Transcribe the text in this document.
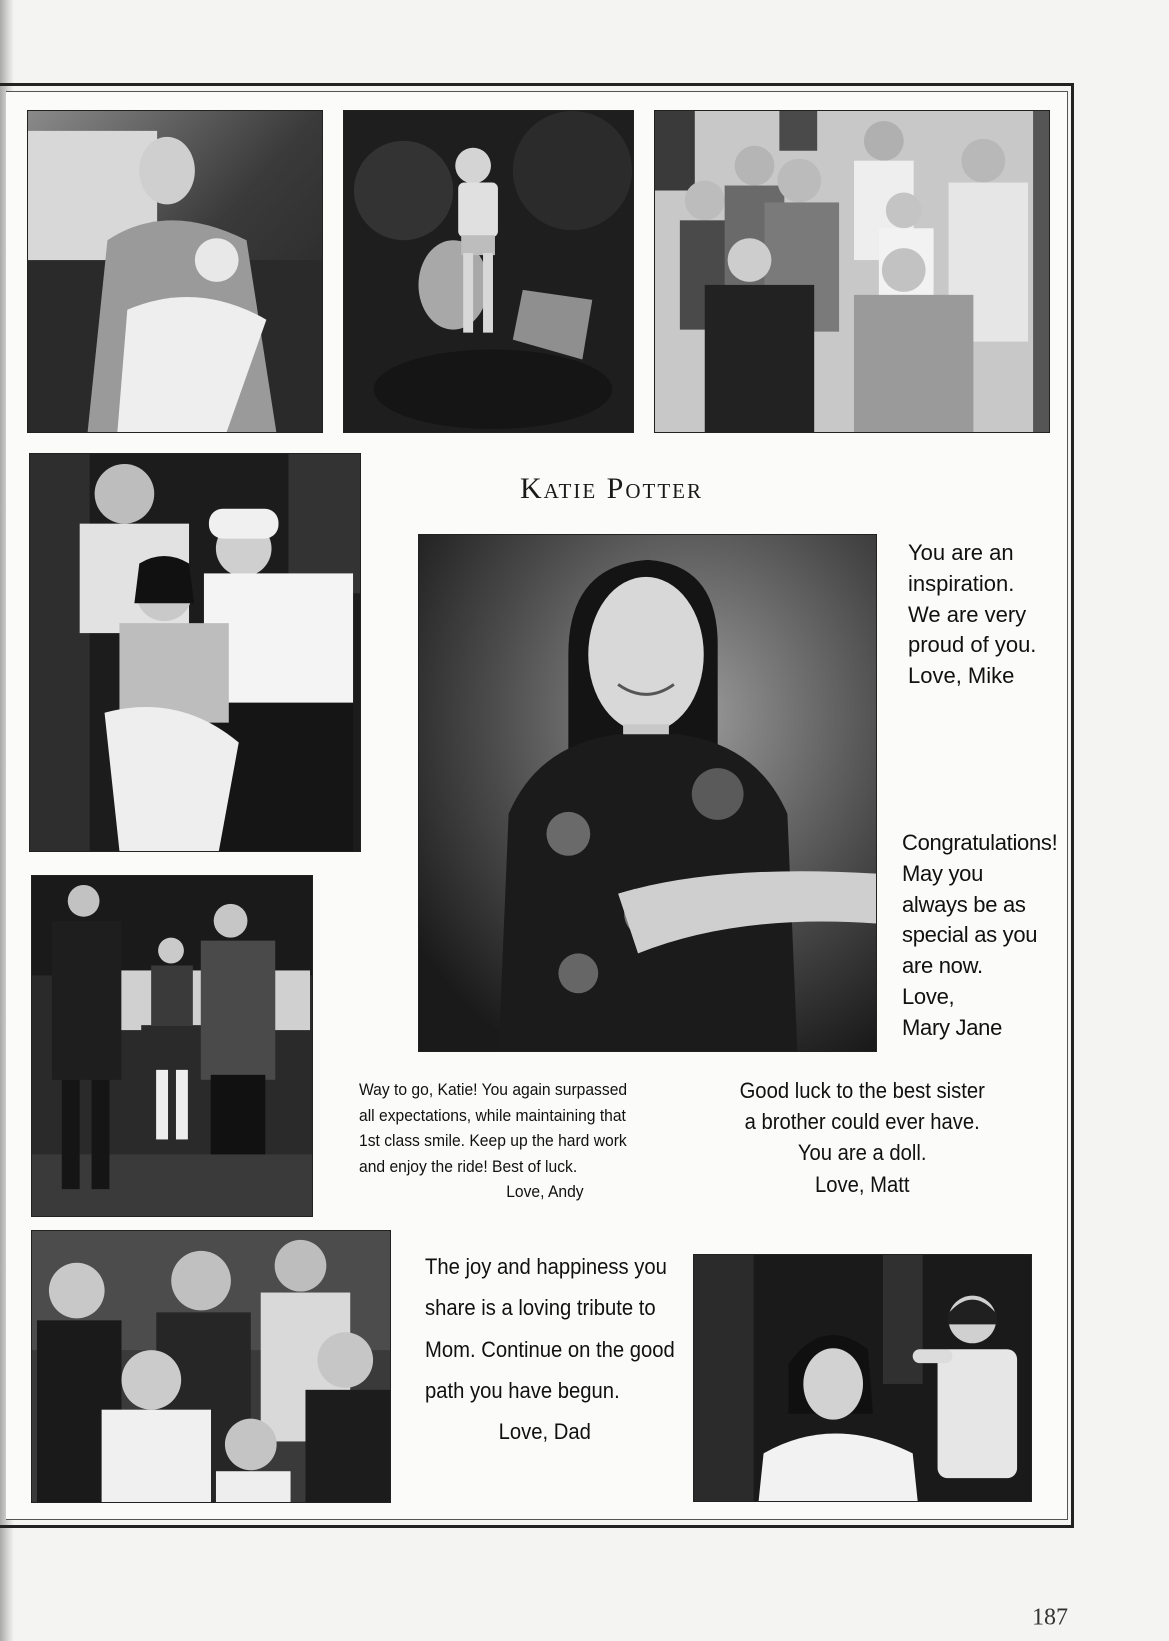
Katie Potter
You are an
inspiration.
We are very
proud of you.
Love, Mike
Congratulations!
May you
always be as
special as you
are now.
Love,
Mary Jane
Way to go, Katie! You again surpassed
all expectations, while maintaining that
1st class smile. Keep up the hard work
and enjoy the ride! Best of luck.
Love, Andy
Good luck to the best sister
a brother could ever have.
You are a doll.
Love, Matt
The joy and happiness you
share is a loving tribute to
Mom. Continue on the good
path you have begun.
Love, Dad
187
